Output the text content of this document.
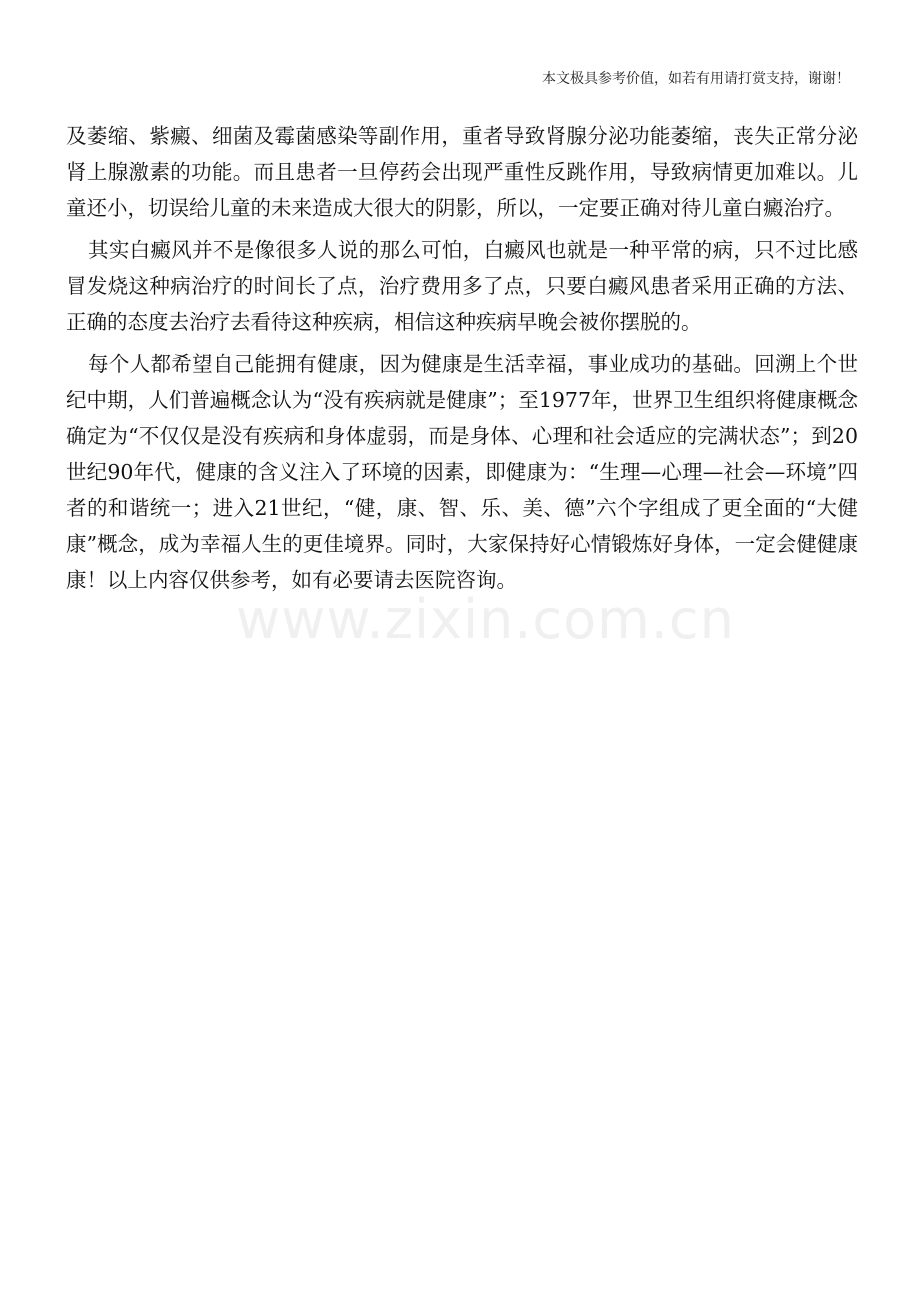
本文极具参考价值，如若有用请打赏支持，谢谢！

及萎缩、紫癜、细菌及霉菌感染等副作用，重者导致肾腺分泌功能萎缩，丧失正常分泌肾上腺激素的功能。而且患者一旦停药会出现严重性反跳作用，导致病情更加难以。儿童还小，切误给儿童的未来造成大很大的阴影，所以，一定要正确对待儿童白癜治疗。

其实白癜风并不是像很多人说的那么可怕，白癜风也就是一种平常的病，只不过比感冒发烧这种病治疗的时间长了点，治疗费用多了点，只要白癜风患者采用正确的方法、正确的态度去治疗去看待这种疾病，相信这种疾病早晚会被你摆脱的。

每个人都希望自己能拥有健康，因为健康是生活幸福，事业成功的基础。回溯上个世纪中期，人们普遍概念认为“没有疾病就是健康”；至1977年，世界卫生组织将健康概念确定为“不仅仅是没有疾病和身体虚弱，而是身体、心理和社会适应的完满状态”；到20世纪90年代，健康的含义注入了环境的因素，即健康为：“生理—心理—社会—环境”四者的和谐统一；进入21世纪，“健，康、智、乐、美、德”六个字组成了更全面的“大健康”概念，成为幸福人生的更佳境界。同时，大家保持好心情锻炼好身体，一定会健健康康！以上内容仅供参考，如有必要请去医院咨询。

www.zixin.com.cn
